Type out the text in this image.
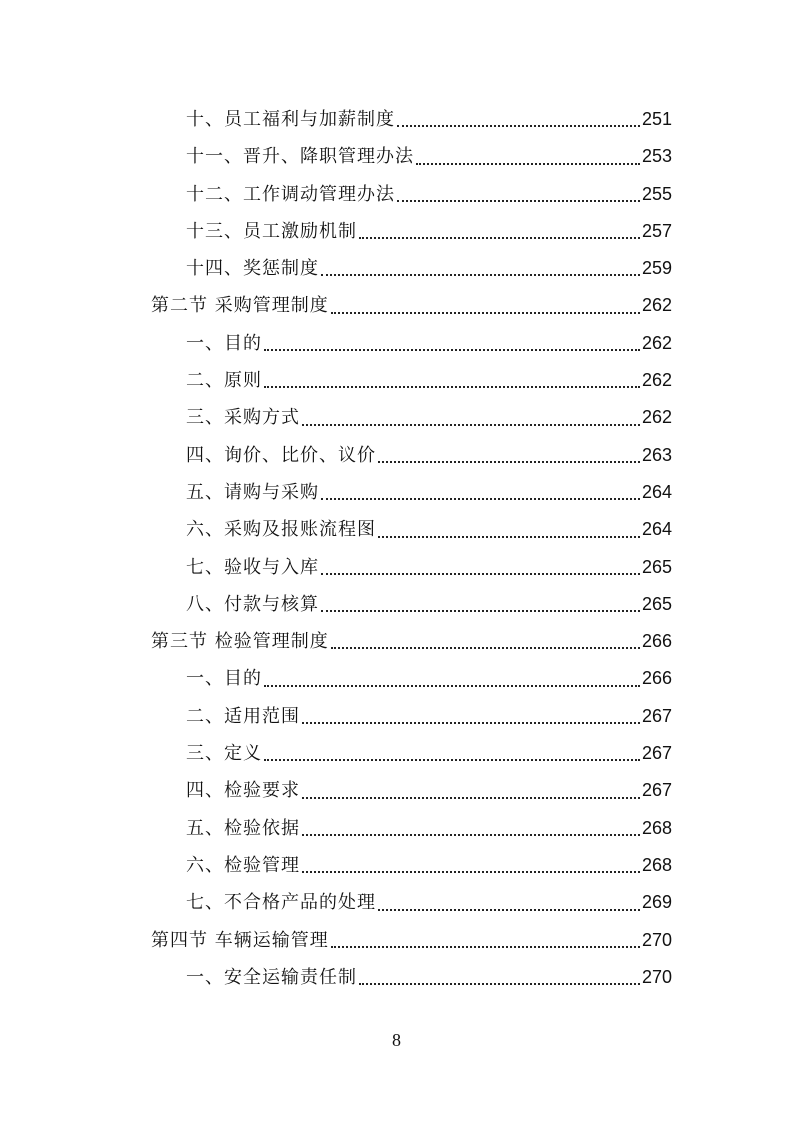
十、员工福利与加薪制度	251
十一、晋升、降职管理办法	253
十二、工作调动管理办法	255
十三、员工激励机制	257
十四、奖惩制度	259
第二节 采购管理制度	262
一、目的	262
二、原则	262
三、采购方式	262
四、询价、比价、议价	263
五、请购与采购	264
六、采购及报账流程图	264
七、验收与入库	265
八、付款与核算	265
第三节 检验管理制度	266
一、目的	266
二、适用范围	267
三、定义	267
四、检验要求	267
五、检验依据	268
六、检验管理	268
七、不合格产品的处理	269
第四节 车辆运输管理	270
一、安全运输责任制	270
8
